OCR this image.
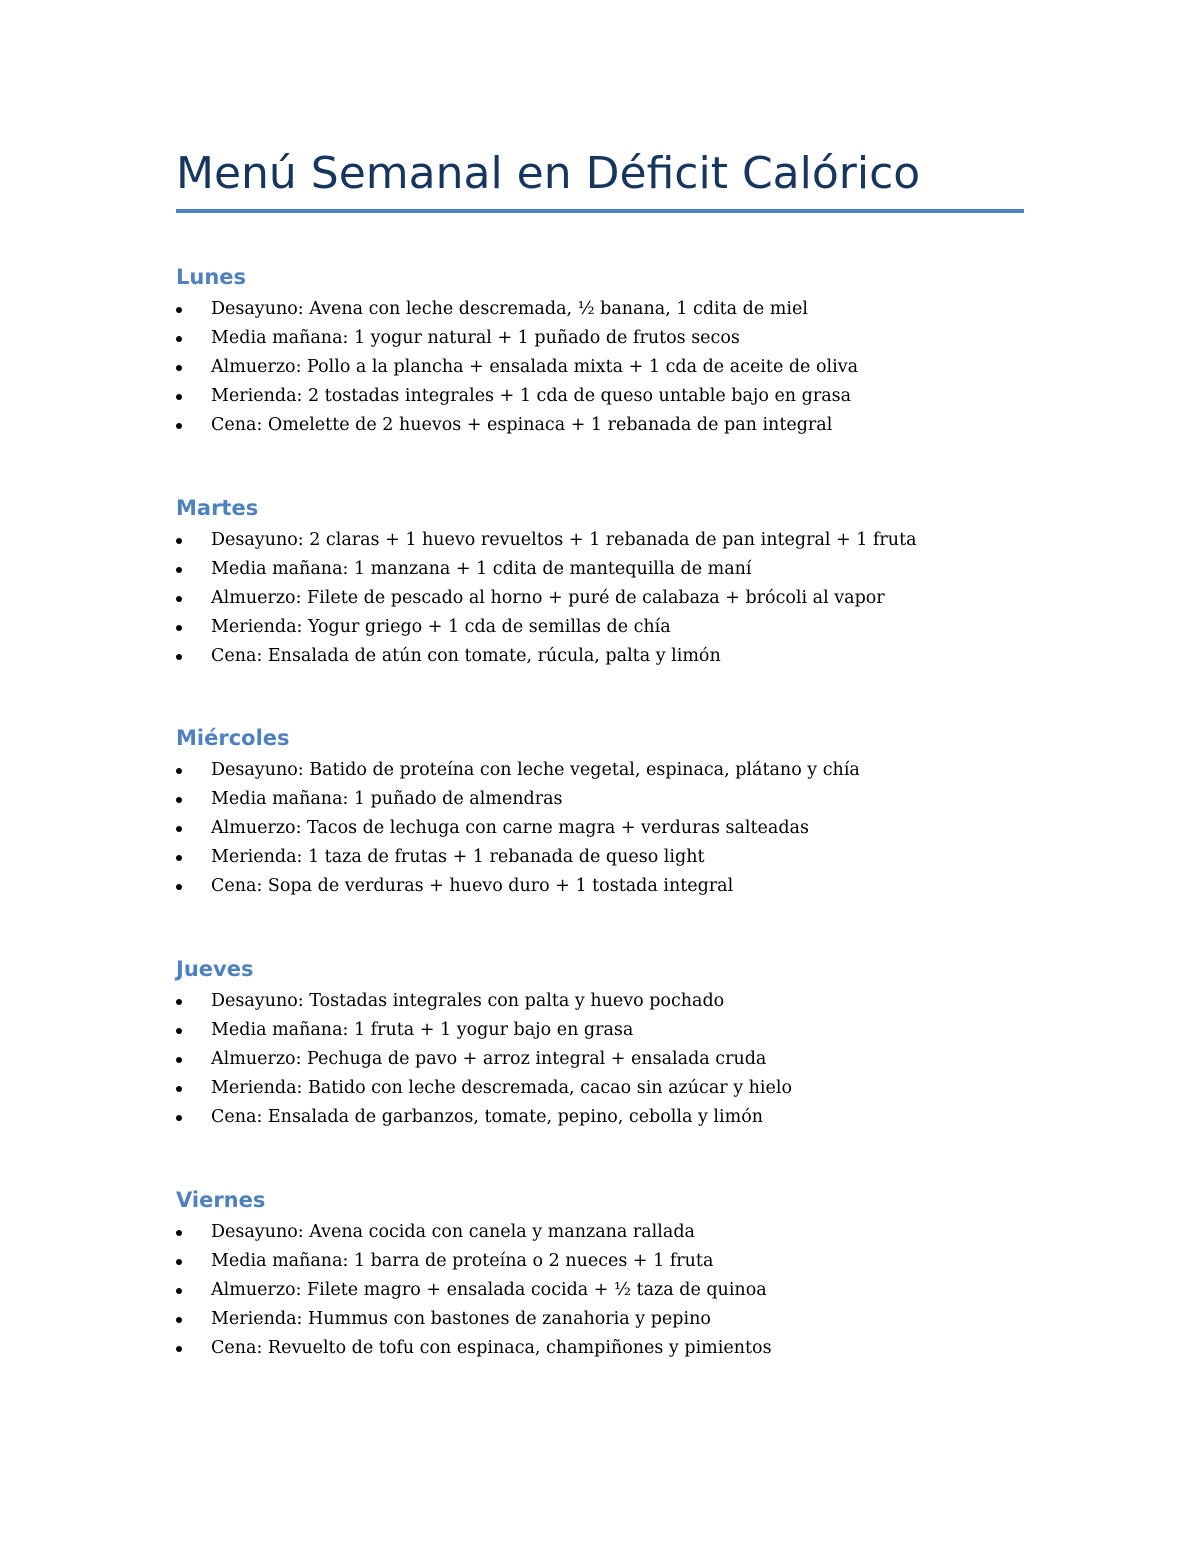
Menú Semanal en Déficit Calórico
Lunes
Desayuno: Avena con leche descremada, ½ banana, 1 cdita de miel
Media mañana: 1 yogur natural + 1 puñado de frutos secos
Almuerzo: Pollo a la plancha + ensalada mixta + 1 cda de aceite de oliva
Merienda: 2 tostadas integrales + 1 cda de queso untable bajo en grasa
Cena: Omelette de 2 huevos + espinaca + 1 rebanada de pan integral
Martes
Desayuno: 2 claras + 1 huevo revueltos + 1 rebanada de pan integral + 1 fruta
Media mañana: 1 manzana + 1 cdita de mantequilla de maní
Almuerzo: Filete de pescado al horno + puré de calabaza + brócoli al vapor
Merienda: Yogur griego + 1 cda de semillas de chía
Cena: Ensalada de atún con tomate, rúcula, palta y limón
Miércoles
Desayuno: Batido de proteína con leche vegetal, espinaca, plátano y chía
Media mañana: 1 puñado de almendras
Almuerzo: Tacos de lechuga con carne magra + verduras salteadas
Merienda: 1 taza de frutas + 1 rebanada de queso light
Cena: Sopa de verduras + huevo duro + 1 tostada integral
Jueves
Desayuno: Tostadas integrales con palta y huevo pochado
Media mañana: 1 fruta + 1 yogur bajo en grasa
Almuerzo: Pechuga de pavo + arroz integral + ensalada cruda
Merienda: Batido con leche descremada, cacao sin azúcar y hielo
Cena: Ensalada de garbanzos, tomate, pepino, cebolla y limón
Viernes
Desayuno: Avena cocida con canela y manzana rallada
Media mañana: 1 barra de proteína o 2 nueces + 1 fruta
Almuerzo: Filete magro + ensalada cocida + ½ taza de quinoa
Merienda: Hummus con bastones de zanahoria y pepino
Cena: Revuelto de tofu con espinaca, champiñones y pimientos
